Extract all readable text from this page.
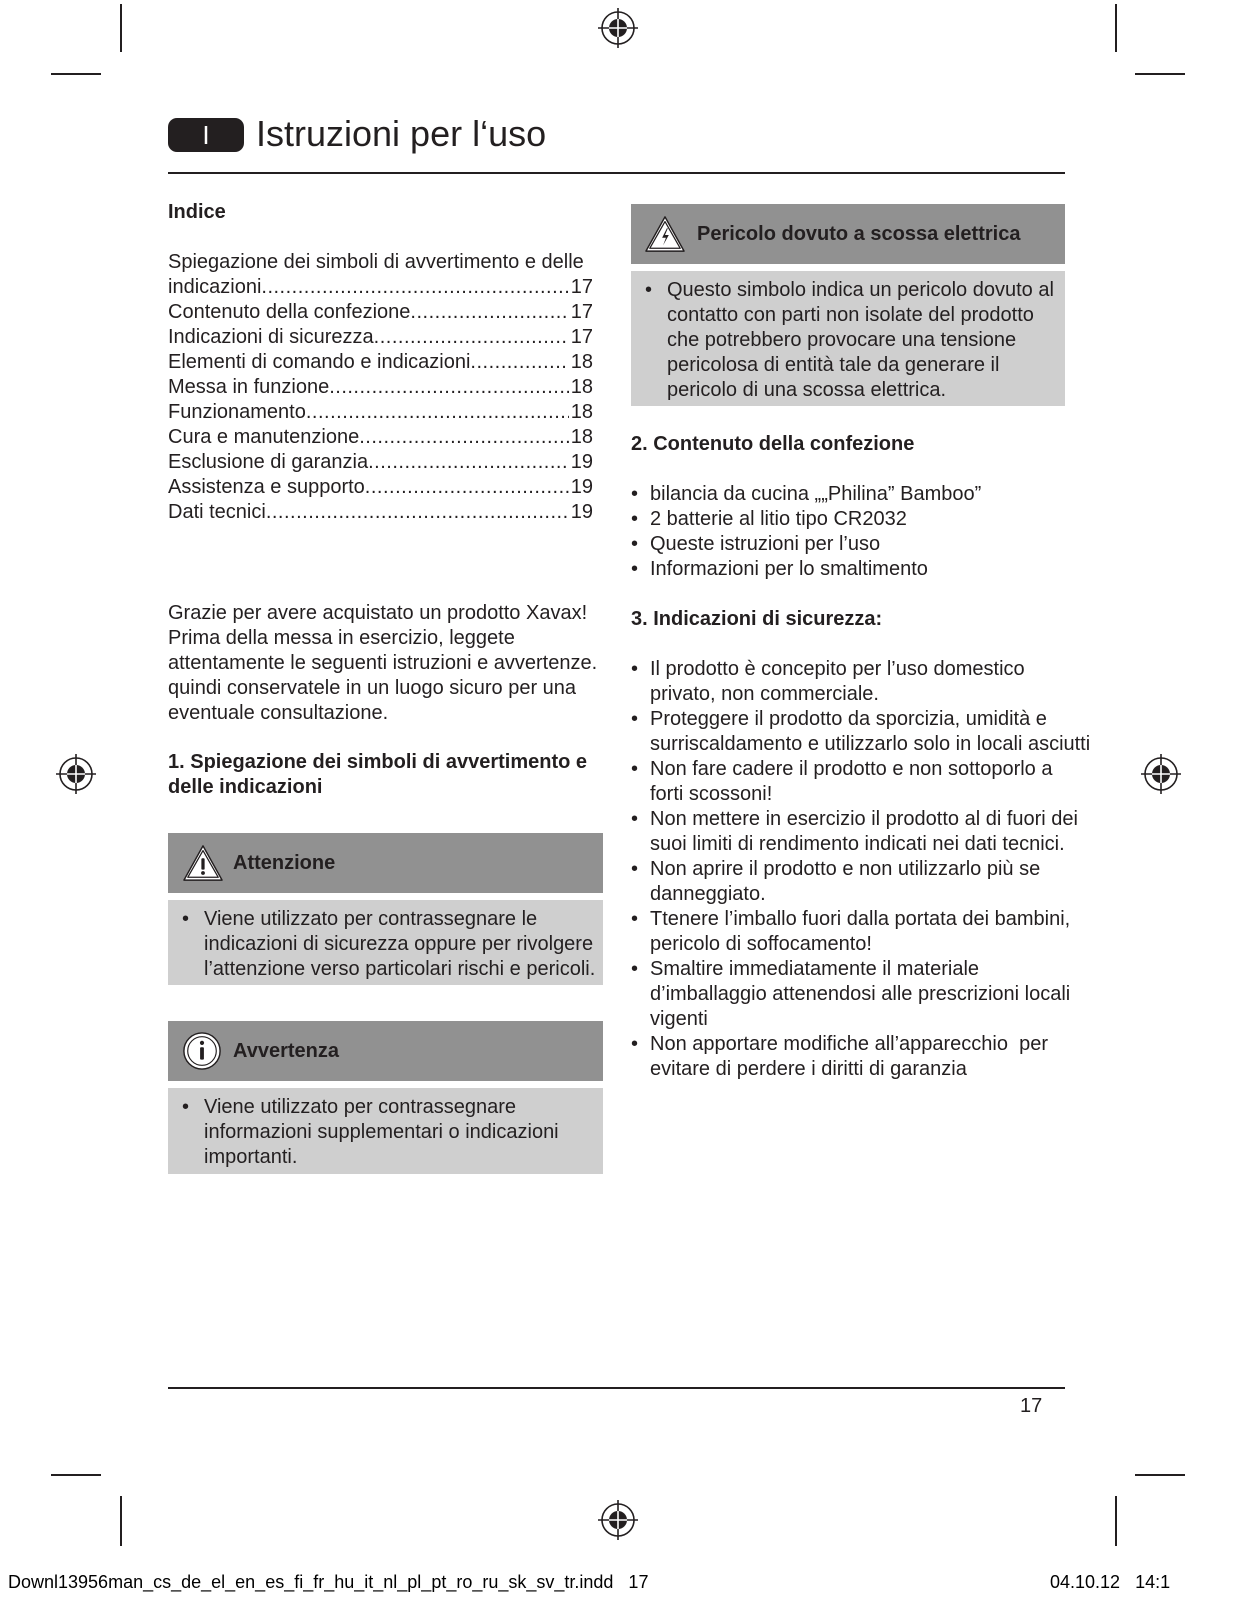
I	Istruzioni per l‘uso
Indice
Spiegazione dei simboli di avvertimento e delle
indicazioni .....	17
Contenuto della confezione .....	17
Indicazioni di sicurezza .....	17
Elementi di comando e indicazioni .....	18
Messa in funzione .....	18
Funzionamento .....	18
Cura e manutenzione .....	18
Esclusione di garanzia .....	19
Assistenza e supporto .....	19
Dati tecnici .....	19
Grazie per avere acquistato un prodotto Xavax!
Prima della messa in esercizio, leggete
attentamente le seguenti istruzioni e avvertenze.
quindi conservatele in un luogo sicuro per una
eventuale consultazione.
1. Spiegazione dei simboli di avvertimento e
delle indicazioni
Attenzione
• Viene utilizzato per contrassegnare le
indicazioni di sicurezza oppure per rivolgere
l’attenzione verso particolari rischi e pericoli.
Avvertenza
• Viene utilizzato per contrassegnare
informazioni supplementari o indicazioni
importanti.
Pericolo dovuto a scossa elettrica
• Questo simbolo indica un pericolo dovuto al
contatto con parti non isolate del prodotto
che potrebbero provocare una tensione
pericolosa di entità tale da generare il
pericolo di una scossa elettrica.
2. Contenuto della confezione
• bilancia da cucina „„Philina” Bamboo”
• 2 batterie al litio tipo CR2032
• Queste istruzioni per l’uso
• Informazioni per lo smaltimento
3. Indicazioni di sicurezza:
• Il prodotto è concepito per l’uso domestico
privato, non commerciale.
• Proteggere il prodotto da sporcizia, umidità e
surriscaldamento e utilizzarlo solo in locali asciutti
• Non fare cadere il prodotto e non sottoporlo a
forti scossoni!
• Non mettere in esercizio il prodotto al di fuori dei
suoi limiti di rendimento indicati nei dati tecnici.
• Non aprire il prodotto e non utilizzarlo più se
danneggiato.
• Ttenere l’imballo fuori dalla portata dei bambini,
pericolo di soffocamento!
• Smaltire immediatamente il materiale
d’imballaggio attenendosi alle prescrizioni locali
vigenti
• Non apportare modifiche all’apparecchio  per
evitare di perdere i diritti di garanzia
17
Downl13956man_cs_de_el_en_es_fi_fr_hu_it_nl_pl_pt_ro_ru_sk_sv_tr.indd   17	04.10.12   14:1
